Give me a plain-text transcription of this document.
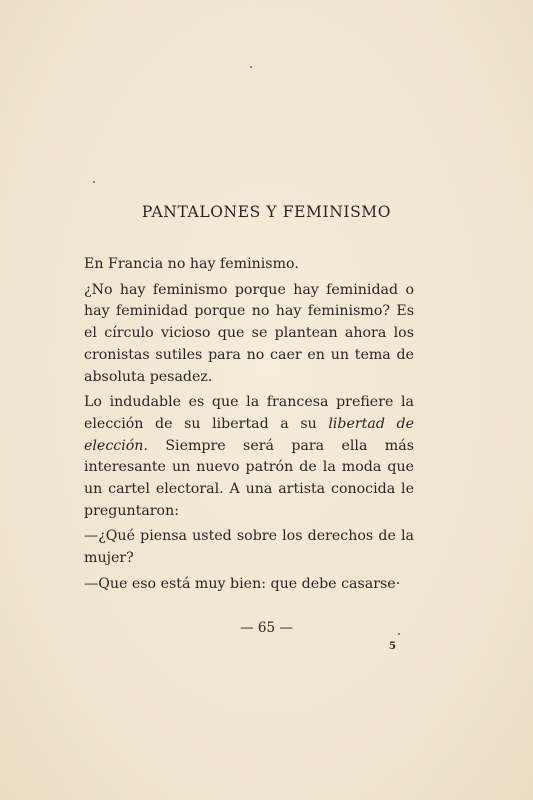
PANTALONES Y FEMINISMO

En Francia no hay feminismo.

¿No hay feminismo porque hay feminidad o hay feminidad porque no hay feminismo? Es el círculo vicioso que se plantean ahora los cronistas sutiles para no caer en un tema de absoluta pesadez.

Lo indudable es que la francesa prefiere la elección de su libertad a su libertad de elección. Siempre será para ella más interesante un nuevo patrón de la moda que un cartel electoral. A una artista conocida le preguntaron:

—¿Qué piensa usted sobre los derechos de la mujer?

—Que eso está muy bien: que debe casarse·

— 65 —
5
